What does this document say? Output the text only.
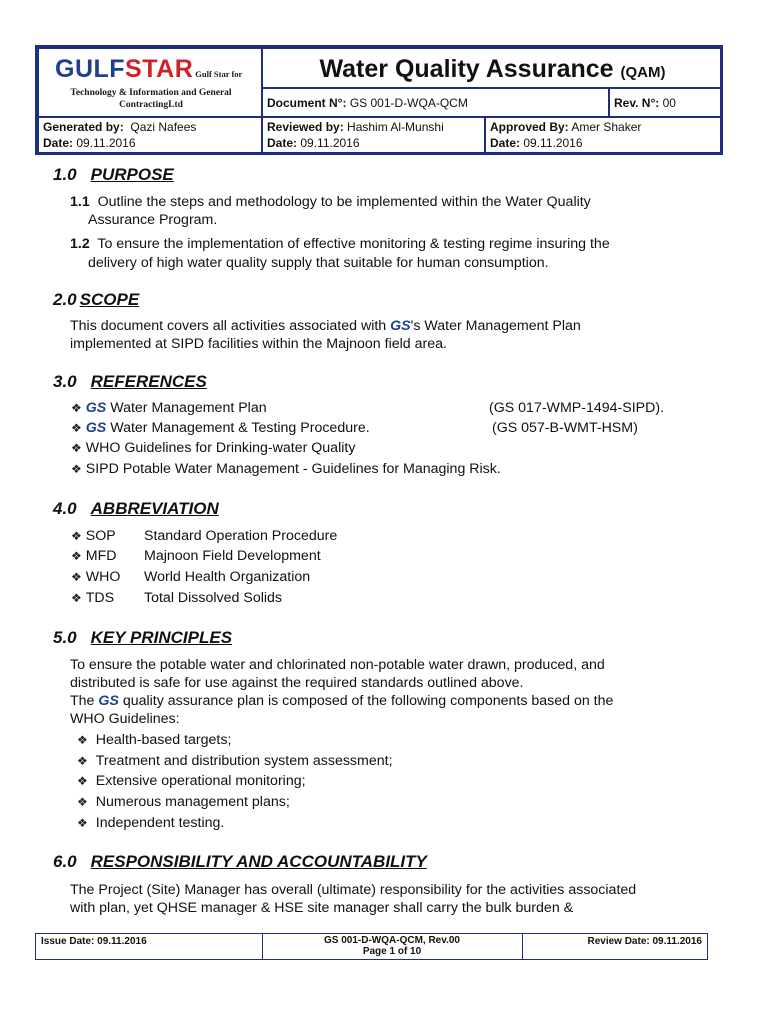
GULFSTAR Gulf Star for
Technology & Information and General
ContractingLtd
Water Quality Assurance (QAM)
Document N°: GS 001-D-WQA-QCM	Rev. N°: 00
Generated by: Qazi Nafees
Date: 09.11.2016
Reviewed by: Hashim Al-Munshi
Date: 09.11.2016
Approved By: Amer Shaker
Date: 09.11.2016
1.0 PURPOSE
1.1 Outline the steps and methodology to be implemented within the Water Quality
Assurance Program.
1.2 To ensure the implementation of effective monitoring & testing regime insuring the
delivery of high water quality supply that suitable for human consumption.
2.0 SCOPE
This document covers all activities associated with GS's Water Management Plan
implemented at SIPD facilities within the Majnoon field area.
3.0 REFERENCES
❖ GS Water Management Plan	(GS 017-WMP-1494-SIPD).
❖ GS Water Management & Testing Procedure.	(GS 057-B-WMT-HSM)
❖ WHO Guidelines for Drinking-water Quality
❖ SIPD Potable Water Management - Guidelines for Managing Risk.
4.0 ABBREVIATION
❖ SOP Standard Operation Procedure
❖ MFD Majnoon Field Development
❖ WHO World Health Organization
❖ TDS Total Dissolved Solids
5.0 KEY PRINCIPLES
To ensure the potable water and chlorinated non-potable water drawn, produced, and
distributed is safe for use against the required standards outlined above.
The GS quality assurance plan is composed of the following components based on the
WHO Guidelines:
❖ Health-based targets;
❖ Treatment and distribution system assessment;
❖ Extensive operational monitoring;
❖ Numerous management plans;
❖ Independent testing.
6.0 RESPONSIBILITY AND ACCOUNTABILITY
The Project (Site) Manager has overall (ultimate) responsibility for the activities associated
with plan, yet QHSE manager & HSE site manager shall carry the bulk burden &
Issue Date: 09.11.2016	GS 001-D-WQA-QCM, Rev.00
Page 1 of 10
Review Date: 09.11.2016
